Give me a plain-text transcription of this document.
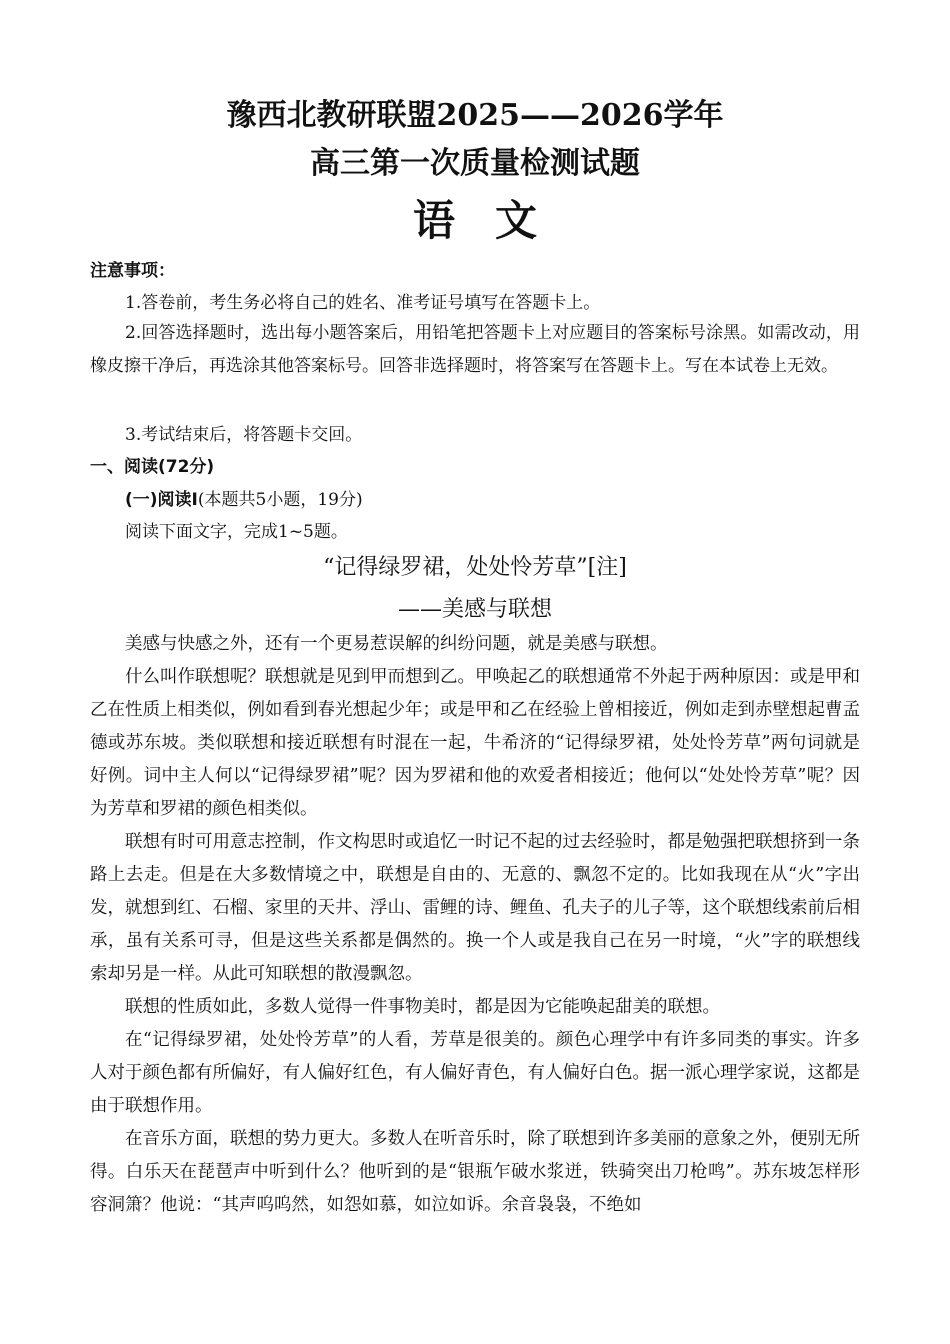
豫西北教研联盟2025——2026学年
高三第一次质量检测试题
语 文
注意事项：
1.答卷前，考生务必将自己的姓名、准考证号填写在答题卡上。
2.回答选择题时，选出每小题答案后，用铅笔把答题卡上对应题目的答案标号涂黑。如需改动，用橡皮擦干净后，再选涂其他答案标号。回答非选择题时，将答案写在答题卡上。写在本试卷上无效。
3.考试结束后，将答题卡交回。
一、阅读(72分)
(一)阅读Ⅰ(本题共5小题，19分)
阅读下面文字，完成1~5题。
“记得绿罗裙，处处怜芳草”[注]
——美感与联想
美感与快感之外，还有一个更易惹误解的纠纷问题，就是美感与联想。
什么叫作联想呢？联想就是见到甲而想到乙。甲唤起乙的联想通常不外起于两种原因：或是甲和乙在性质上相类似，例如看到春光想起少年；或是甲和乙在经验上曾相接近，例如走到赤壁想起曹孟德或苏东坡。类似联想和接近联想有时混在一起，牛希济的“记得绿罗裙，处处怜芳草”两句词就是好例。词中主人何以“记得绿罗裙”呢？因为罗裙和他的欢爱者相接近；他何以“处处怜芳草”呢？因为芳草和罗裙的颜色相类似。
联想有时可用意志控制，作文构思时或追忆一时记不起的过去经验时，都是勉强把联想挤到一条路上去走。但是在大多数情境之中，联想是自由的、无意的、飘忽不定的。比如我现在从“火”字出发，就想到红、石榴、家里的天井、浮山、雷鲤的诗、鲤鱼、孔夫子的儿子等，这个联想线索前后相承，虽有关系可寻，但是这些关系都是偶然的。换一个人或是我自己在另一时境，“火”字的联想线索却另是一样。从此可知联想的散漫飘忽。
联想的性质如此，多数人觉得一件事物美时，都是因为它能唤起甜美的联想。
在“记得绿罗裙，处处怜芳草”的人看，芳草是很美的。颜色心理学中有许多同类的事实。许多人对于颜色都有所偏好，有人偏好红色，有人偏好青色，有人偏好白色。据一派心理学家说，这都是由于联想作用。
在音乐方面，联想的势力更大。多数人在听音乐时，除了联想到许多美丽的意象之外，便别无所得。白乐天在琵琶声中听到什么？他听到的是“银瓶乍破水浆迸，铁骑突出刀枪鸣”。苏东坡怎样形容洞箫？他说：“其声呜呜然，如怨如慕，如泣如诉。余音袅袅，不绝如
